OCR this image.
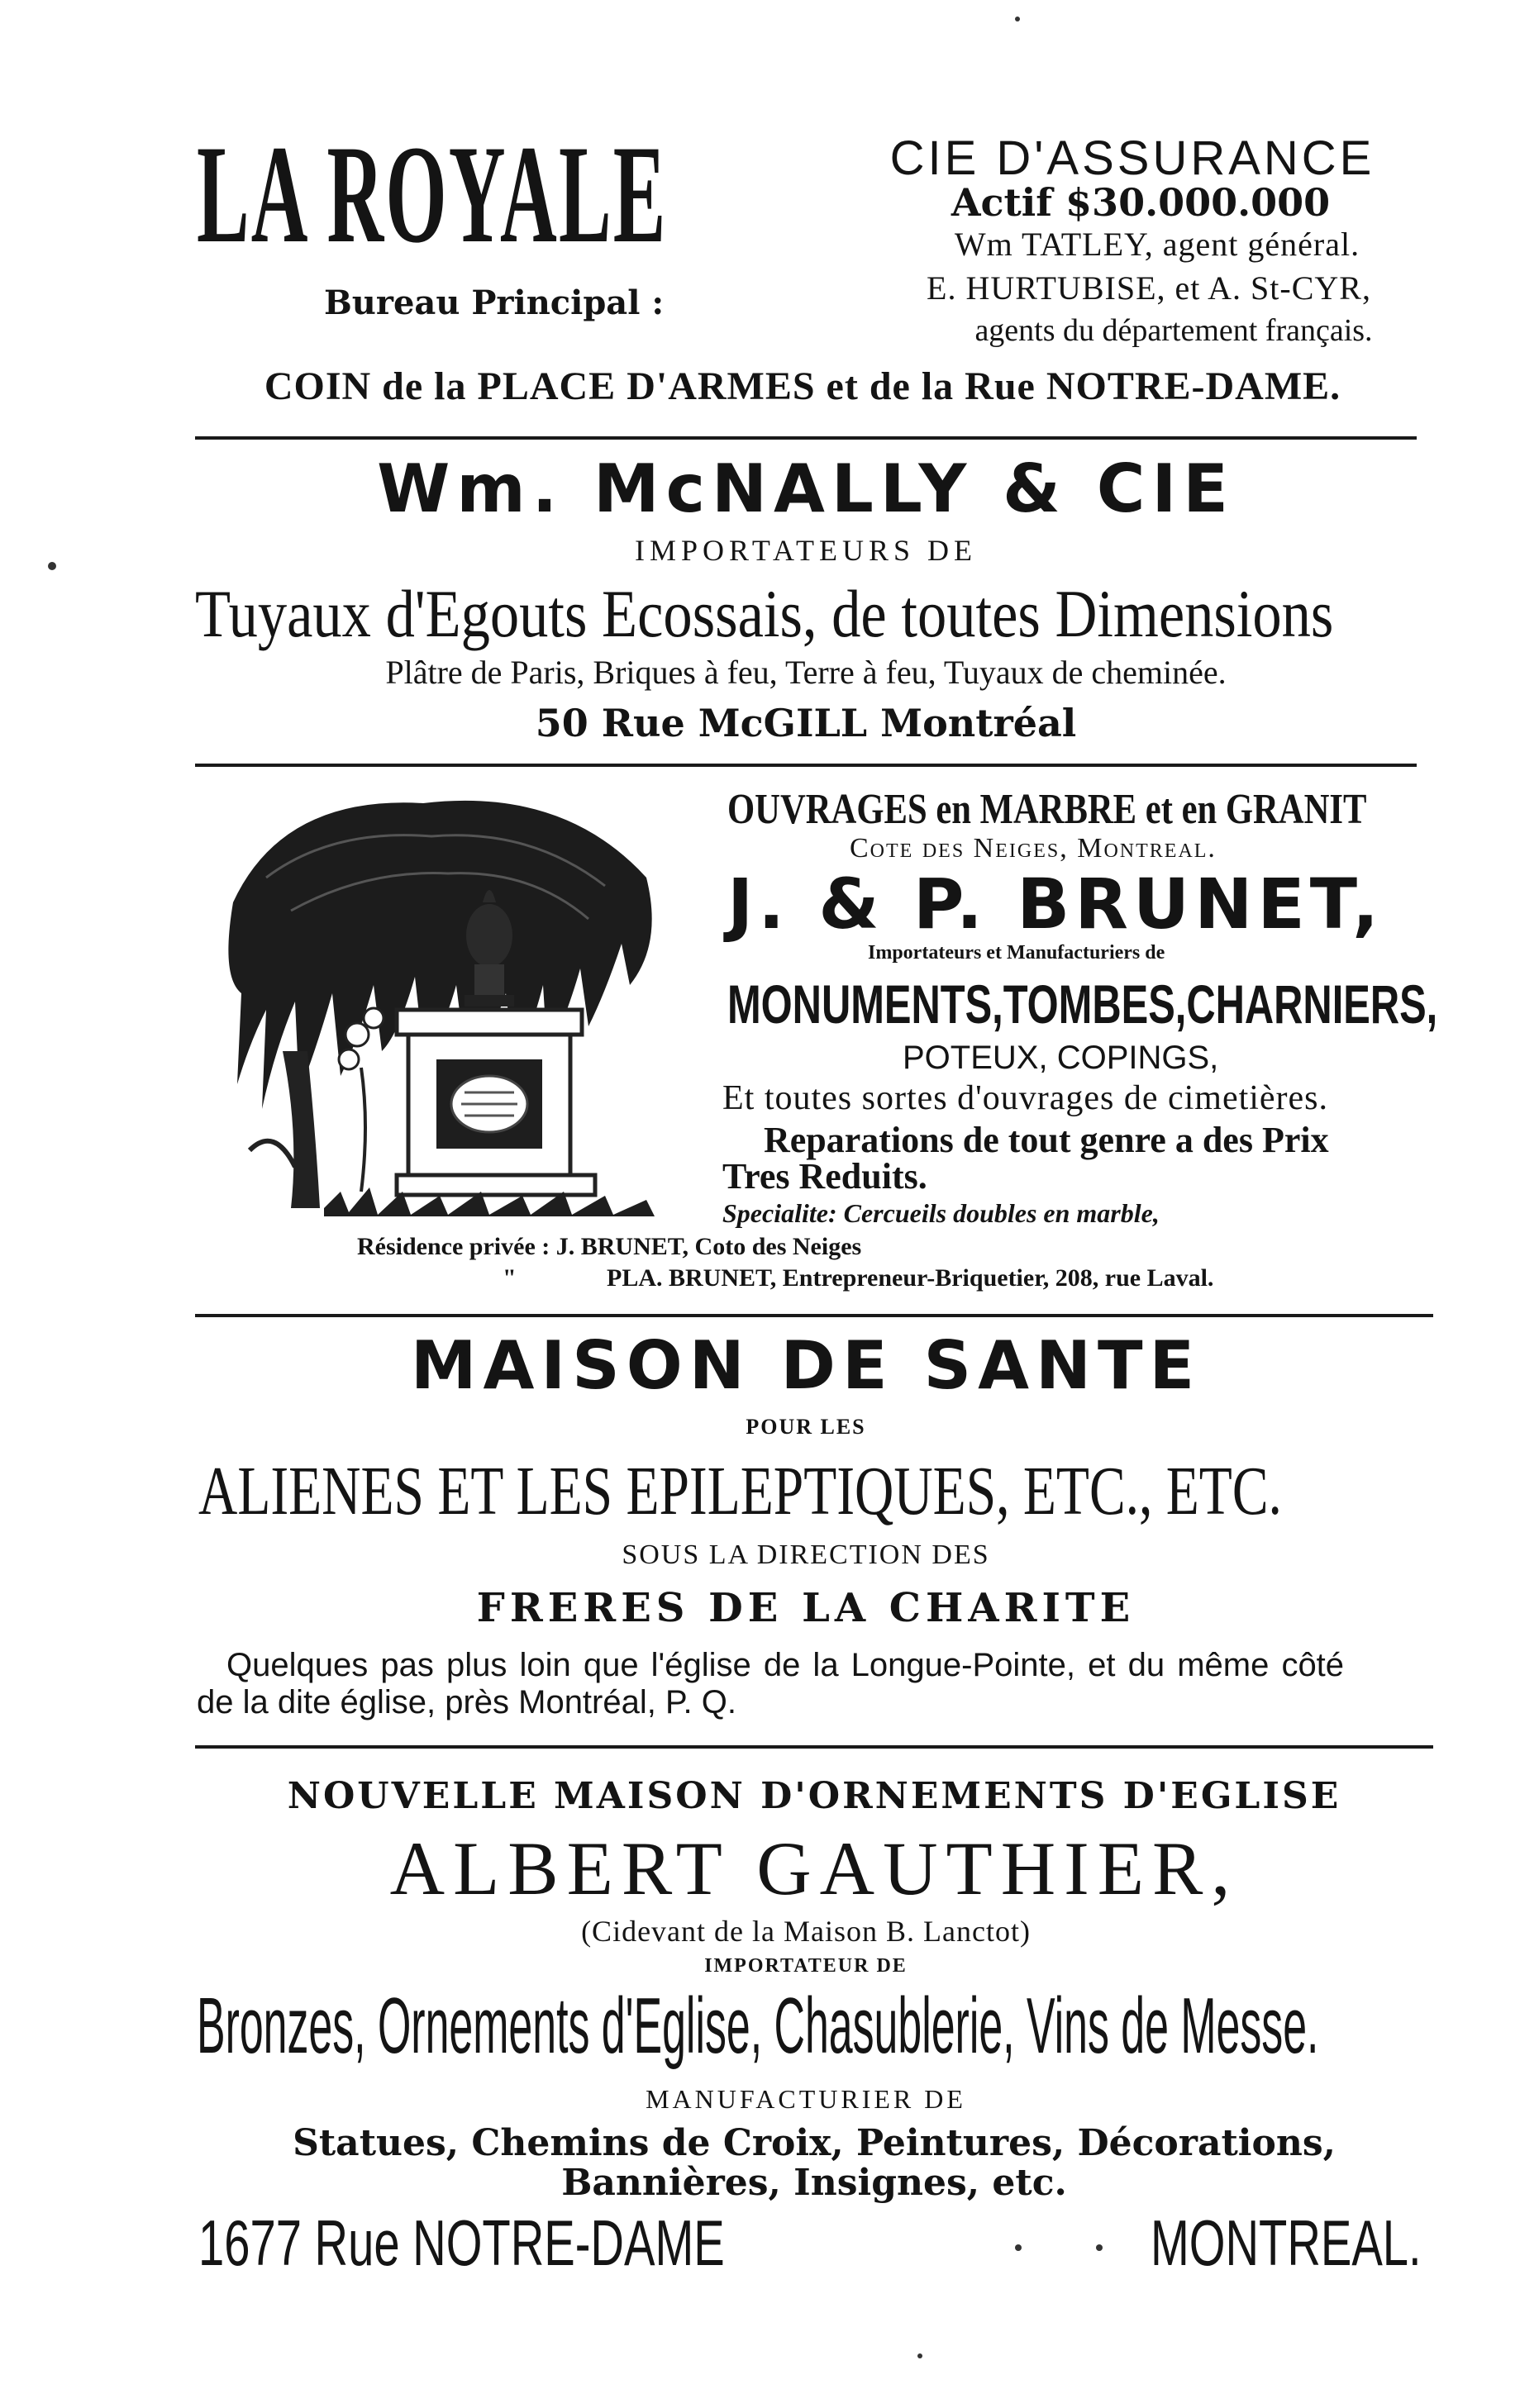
LA ROYALE
Bureau Principal :
CIE D'ASSURANCE
Actif $30.000.000
Wm TATLEY, agent général.
E. HURTUBISE, et A. St-CYR,
agents du département français.
COIN de la PLACE D'ARMES et de la Rue NOTRE-DAME.
Wm. McNALLY & CIE
IMPORTATEURS DE
Tuyaux d'Egouts Ecossais, de toutes Dimensions
Plâtre de Paris, Briques à feu, Terre à feu, Tuyaux de cheminée.
50 Rue McGILL Montréal
OUVRAGES en MARBRE et en GRANIT
Cote des Neiges, Montreal.
J. & P. BRUNET,
Importateurs et Manufacturiers de
MONUMENTS,TOMBES,CHARNIERS,
POTEUX, COPINGS,
Et toutes sortes d'ouvrages de cimetières.
Reparations de tout genre a des Prix
Tres Reduits.
Specialite: Cercueils doubles en marble,
Résidence privée : J. BRUNET, Coto des Neiges
"	PLA. BRUNET, Entrepreneur-Briquetier, 208, rue Laval.
MAISON DE SANTE
POUR LES
ALIENES ET LES EPILEPTIQUES, ETC., ETC.
SOUS LA DIRECTION DES
FRERES DE LA CHARITE
Quelques pas plus loin que l'église de la Longue-Pointe, et du même côté
de la dite église, près Montréal, P. Q.
NOUVELLE MAISON D'ORNEMENTS D'EGLISE
ALBERT GAUTHIER,
(Cidevant de la Maison B. Lanctot)
IMPORTATEUR DE
Bronzes, Ornements d'Eglise, Chasublerie, Vins de Messe.
MANUFACTURIER DE
Statues, Chemins de Croix, Peintures, Décorations,
Bannières, Insignes, etc.
1677 Rue NOTRE-DAME	MONTREAL.
